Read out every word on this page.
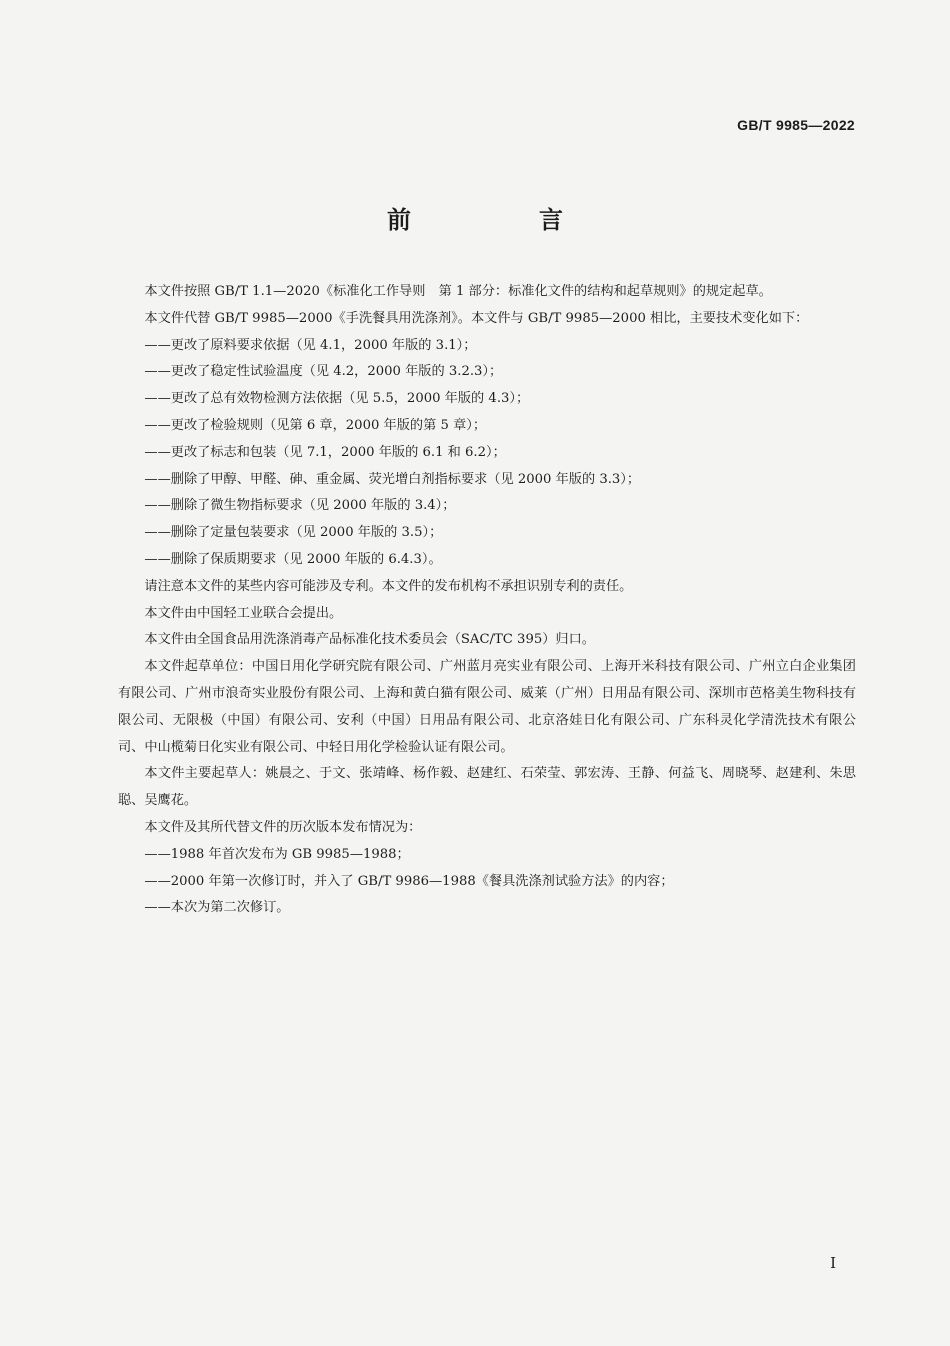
GB/T 9985—2022
前　言

本文件按照 GB/T 1.1—2020《标准化工作导则　第 1 部分：标准化文件的结构和起草规则》的规定起草。

本文件代替 GB/T 9985—2000《手洗餐具用洗涤剂》。本文件与 GB/T 9985—2000 相比，主要技术变化如下：

——更改了原料要求依据（见 4.1，2000 年版的 3.1）；

——更改了稳定性试验温度（见 4.2，2000 年版的 3.2.3）；

——更改了总有效物检测方法依据（见 5.5，2000 年版的 4.3）；

——更改了检验规则（见第 6 章，2000 年版的第 5 章）；

——更改了标志和包装（见 7.1，2000 年版的 6.1 和 6.2）；

——删除了甲醇、甲醛、砷、重金属、荧光增白剂指标要求（见 2000 年版的 3.3）；

——删除了微生物指标要求（见 2000 年版的 3.4）；

——删除了定量包装要求（见 2000 年版的 3.5）；

——删除了保质期要求（见 2000 年版的 6.4.3）。

请注意本文件的某些内容可能涉及专利。本文件的发布机构不承担识别专利的责任。

本文件由中国轻工业联合会提出。

本文件由全国食品用洗涤消毒产品标准化技术委员会（SAC/TC 395）归口。

本文件起草单位：中国日用化学研究院有限公司、广州蓝月亮实业有限公司、上海开米科技有限公司、广州立白企业集团有限公司、广州市浪奇实业股份有限公司、上海和黄白猫有限公司、威莱（广州）日用品有限公司、深圳市芭格美生物科技有限公司、无限极（中国）有限公司、安利（中国）日用品有限公司、北京洛娃日化有限公司、广东科灵化学清洗技术有限公司、中山榄菊日化实业有限公司、中轻日用化学检验认证有限公司。

本文件主要起草人：姚晨之、于文、张靖峰、杨作毅、赵建红、石荣莹、郭宏涛、王静、何益飞、周晓琴、赵建利、朱思聪、吴鹰花。

本文件及其所代替文件的历次版本发布情况为：

——1988 年首次发布为 GB 9985—1988；

——2000 年第一次修订时，并入了 GB/T 9986—1988《餐具洗涤剂试验方法》的内容；

——本次为第二次修订。

I
